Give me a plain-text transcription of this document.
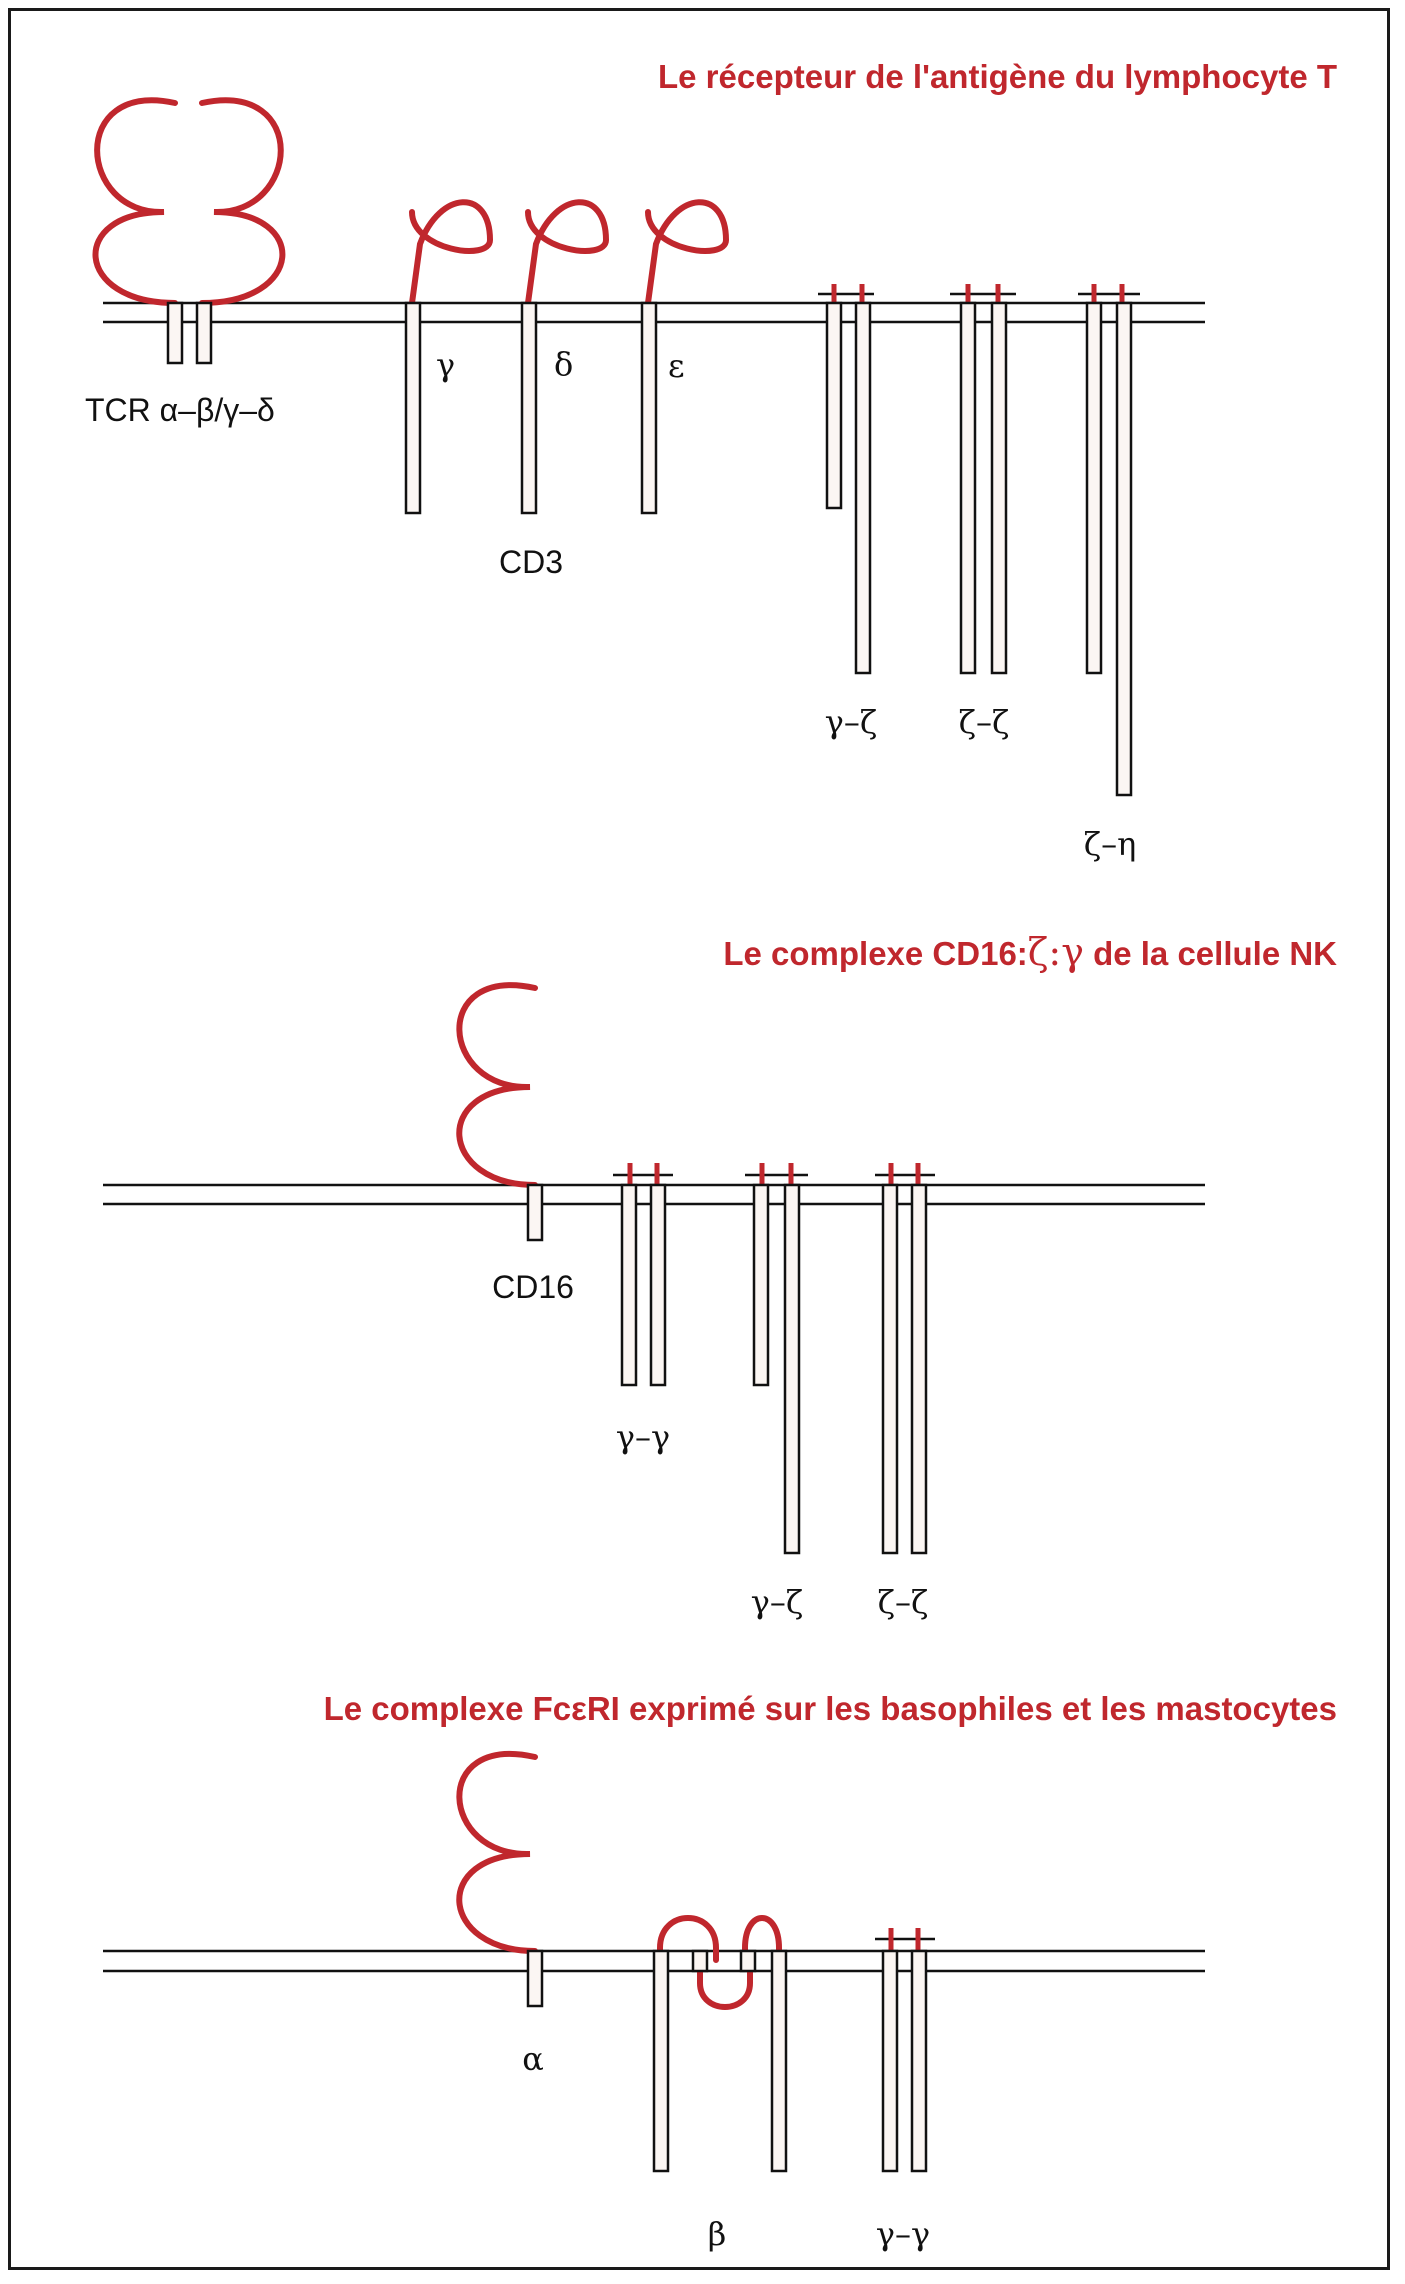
Le récepteur de l'antigène du lymphocyte T
TCR α–β/γ–δ
γ	δ	ε
CD3
γ–ζ	ζ–ζ
ζ–η
Le complexe CD16:ζ:γ de la cellule NK
CD16
γ–γ
γ–ζ ζ–ζ
Le complexe FcεRI exprimé sur les basophiles et les mastocytes
α
β	γ–γ
